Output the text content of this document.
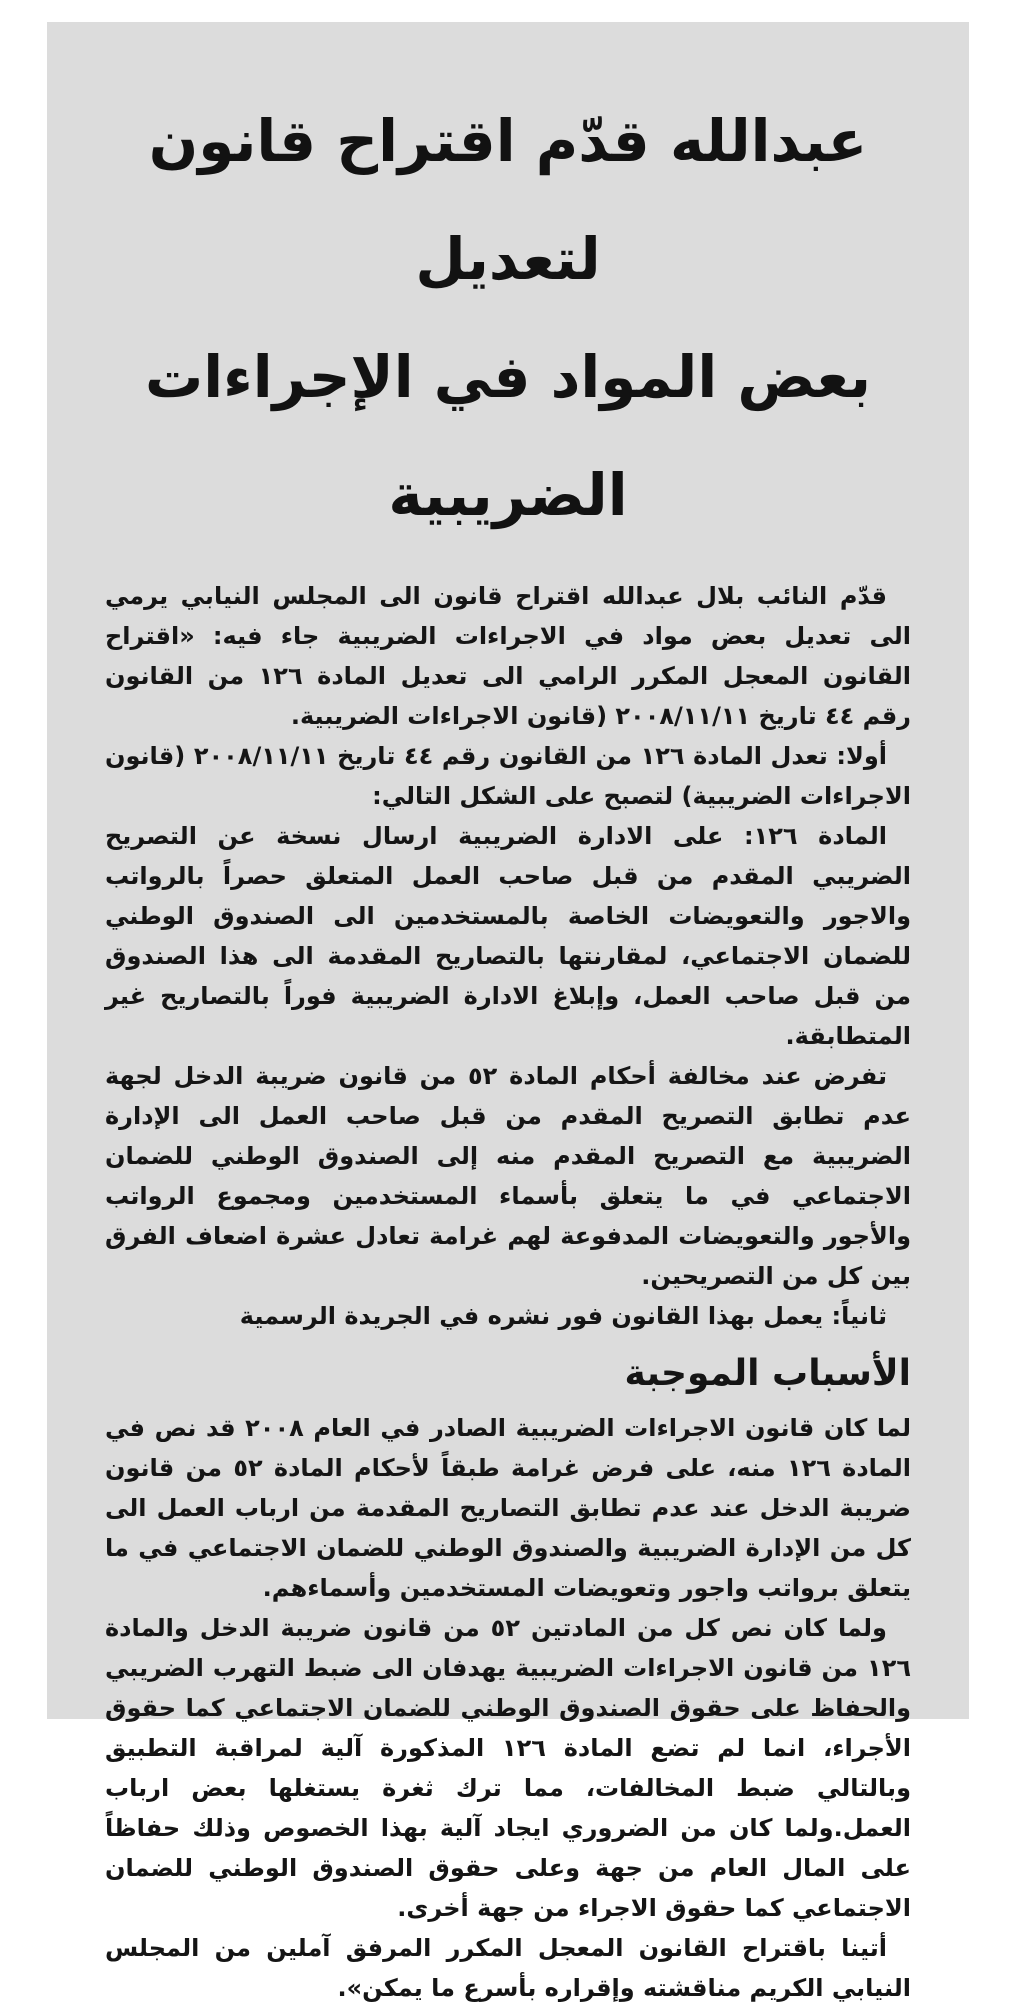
عبدالله قدّم اقتراح قانون لتعديل
بعض المواد في الإجراءات الضريبية

قدّم النائب بلال عبدالله اقتراح قانون الى المجلس النيابي يرمي الى تعديل بعض مواد في الاجراءات الضريبية جاء فيه: «اقتراح القانون المعجل المكرر الرامي الى تعديل المادة ١٢٦ من القانون رقم ٤٤ تاريخ ٢٠٠٨/١١/١١ (قانون الاجراءات الضريبية.

أولا: تعدل المادة ١٢٦ من القانون رقم ٤٤ تاريخ ٢٠٠٨/١١/١١ (قانون الاجراءات الضريبية) لتصبح على الشكل التالي:

المادة ١٢٦: على الادارة الضريبية ارسال نسخة عن التصريح الضريبي المقدم من قبل صاحب العمل المتعلق حصراً بالرواتب والاجور والتعويضات الخاصة بالمستخدمين الى الصندوق الوطني للضمان الاجتماعي، لمقارنتها بالتصاريح المقدمة الى هذا الصندوق من قبل صاحب العمل، وإبلاغ الادارة الضريبية فوراً بالتصاريح غير المتطابقة.

تفرض عند مخالفة أحكام المادة ٥٢ من قانون ضريبة الدخل لجهة عدم تطابق التصريح المقدم من قبل صاحب العمل الى الإدارة الضريبية مع التصريح المقدم منه إلى الصندوق الوطني للضمان الاجتماعي في ما يتعلق بأسماء المستخدمين ومجموع الرواتب والأجور والتعويضات المدفوعة لهم غرامة تعادل عشرة اضعاف الفرق بين كل من التصريحين.

ثانياً: يعمل بهذا القانون فور نشره في الجريدة الرسمية

الأسباب الموجبة

لما كان قانون الاجراءات الضريبية الصادر في العام ٢٠٠٨ قد نص في المادة ١٢٦ منه، على فرض غرامة طبقاً لأحكام المادة ٥٢ من قانون ضريبة الدخل عند عدم تطابق التصاريح المقدمة من ارباب العمل الى كل من الإدارة الضريبية والصندوق الوطني للضمان الاجتماعي في ما يتعلق برواتب واجور وتعويضات المستخدمين وأسماءهم.

ولما كان نص كل من المادتين ٥٢ من قانون ضريبة الدخل والمادة ١٢٦ من قانون الاجراءات الضريبية يهدفان الى ضبط التهرب الضريبي والحفاظ على حقوق الصندوق الوطني للضمان الاجتماعي كما حقوق الأجراء، انما لم تضع المادة ١٢٦ المذكورة آلية لمراقبة التطبيق وبالتالي ضبط المخالفات، مما ترك ثغرة يستغلها بعض ارباب العمل.ولما كان من الضروري ايجاد آلية بهذا الخصوص وذلك حفاظاً على المال العام من جهة وعلى حقوق الصندوق الوطني للضمان الاجتماعي كما حقوق الاجراء من جهة أخرى.

أتينا باقتراح القانون المعجل المكرر المرفق آملين من المجلس النيابي الكريم مناقشته وإقراره بأسرع ما يمكن».
